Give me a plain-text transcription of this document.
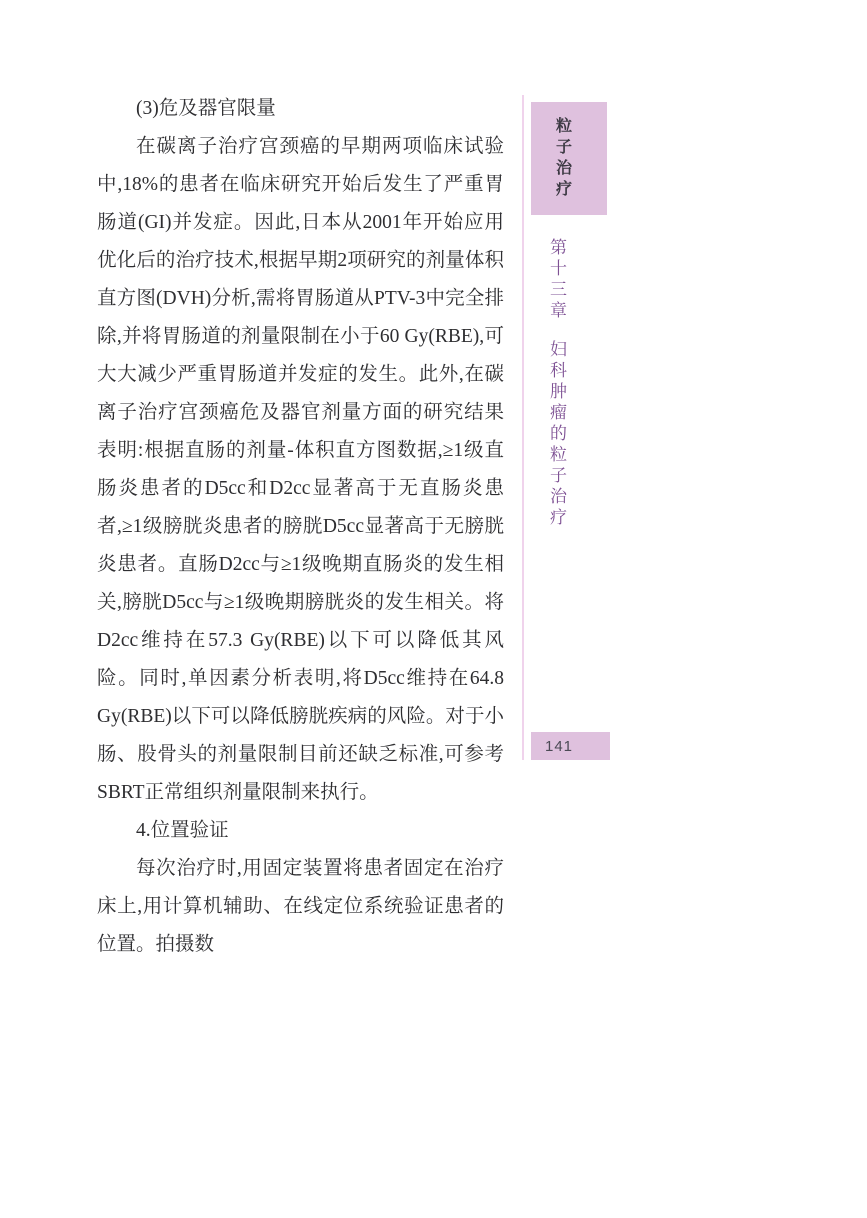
(3)危及器官限量

在碳离子治疗宫颈癌的早期两项临床试验中,18%的患者在临床研究开始后发生了严重胃肠道(GI)并发症。因此,日本从2001年开始应用优化后的治疗技术,根据早期2项研究的剂量体积直方图(DVH)分析,需将胃肠道从PTV-3中完全排除,并将胃肠道的剂量限制在小于60 Gy(RBE),可大大减少严重胃肠道并发症的发生。此外,在碳离子治疗宫颈癌危及器官剂量方面的研究结果表明:根据直肠的剂量-体积直方图数据,≥1级直肠炎患者的D5cc和D2cc显著高于无直肠炎患者,≥1级膀胱炎患者的膀胱D5cc显著高于无膀胱炎患者。直肠D2cc与≥1级晚期直肠炎的发生相关,膀胱D5cc与≥1级晚期膀胱炎的发生相关。将D2cc维持在57.3 Gy(RBE)以下可以降低其风险。同时,单因素分析表明,将D5cc维持在64.8 Gy(RBE)以下可以降低膀胱疾病的风险。对于小肠、股骨头的剂量限制目前还缺乏标准,可参考SBRT正常组织剂量限制来执行。

4.位置验证

每次治疗时,用固定装置将患者固定在治疗床上,用计算机辅助、在线定位系统验证患者的位置。拍摄数

粒子治疗
第十三章
妇科肿瘤的粒子治疗
141
